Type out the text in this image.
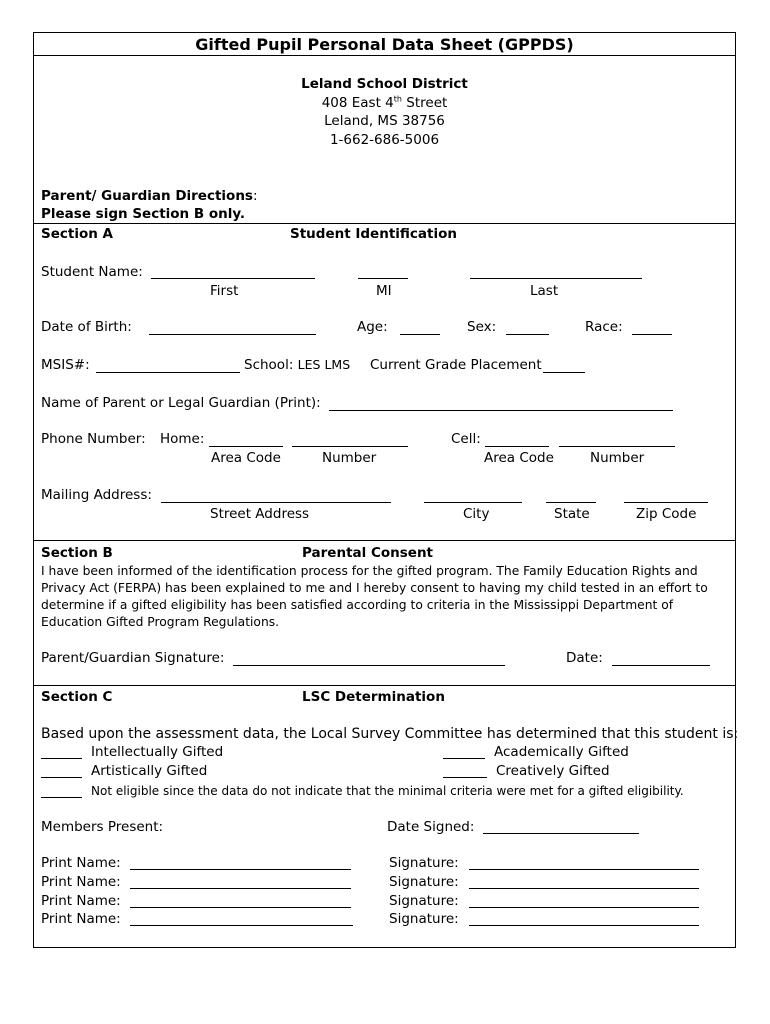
Gifted Pupil Personal Data Sheet (GPPDS)
Leland School District
408 East 4th Street
Leland, MS 38756
1-662-686-5006
Parent/ Guardian Directions:
Please sign Section B only.
Section A	Student Identification
Student Name:
First	MI	Last
Date of Birth:	Age:	Sex:	Race:
MSIS#:	School: LES LMS Current Grade Placement
Name of Parent or Legal Guardian (Print):
Phone Number: Home:	Cell:
Area Code	Number	Area Code	Number
Mailing Address:
Street Address	City	State	Zip Code
Section B	Parental Consent
I have been informed of the identification process for the gifted program. The Family Education Rights and Privacy Act (FERPA) has been explained to me and I hereby consent to having my child tested in an effort to determine if a gifted eligibility has been satisfied according to criteria in the Mississippi Department of Education Gifted Program Regulations.
Parent/Guardian Signature:	Date:
Section C	LSC Determination
Based upon the assessment data, the Local Survey Committee has determined that this student is:
Intellectually Gifted	Academically Gifted
Artistically Gifted	Creatively Gifted
Not eligible since the data do not indicate that the minimal criteria were met for a gifted eligibility.
Members Present:	Date Signed:
Print Name:	Signature:
Print Name:	Signature:
Print Name:	Signature:
Print Name:	Signature:
